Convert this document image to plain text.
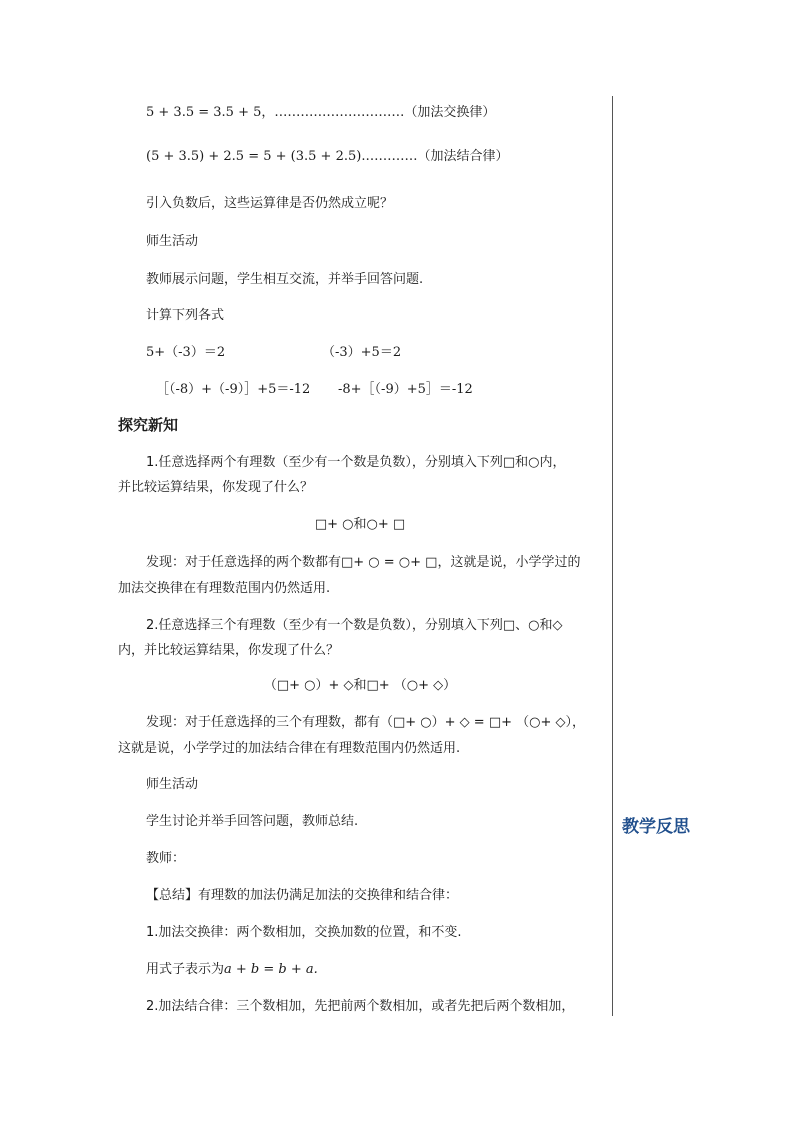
教学反思
5 + 3.5 = 3.5 + 5，…………………………（加法交换律）
(5 + 3.5) + 2.5 = 5 + (3.5 + 2.5).…………（加法结合律）
引入负数后，这些运算律是否仍然成立呢？
师生活动
教师展示问题，学生相互交流，并举手回答问题.
计算下列各式
5+（-3）＝2	（-3）+5＝2
［（-8）+（-9）］+5＝-12 -8+［（-9）+5］＝-12
探究新知
1.任意选择两个有理数（至少有一个数是负数），分别填入下列□和○内，
并比较运算结果，你发现了什么？
□+ ○和○+ □
发现：对于任意选择的两个数都有□+ ○ = ○+ □，这就是说，小学学过的
加法交换律在有理数范围内仍然适用.
2.任意选择三个有理数（至少有一个数是负数），分别填入下列□、○和◇
内，并比较运算结果，你发现了什么？
（□+ ○）+ ◇和□+ （○+ ◇）
发现：对于任意选择的三个有理数，都有（□+ ○）+ ◇ = □+ （○+ ◇），
这就是说，小学学过的加法结合律在有理数范围内仍然适用.
师生活动
学生讨论并举手回答问题，教师总结.
教师：
【总结】有理数的加法仍满足加法的交换律和结合律：
1.加法交换律：两个数相加，交换加数的位置，和不变.
用式子表示为a + b = b + a.
2.加法结合律：三个数相加，先把前两个数相加，或者先把后两个数相加，
